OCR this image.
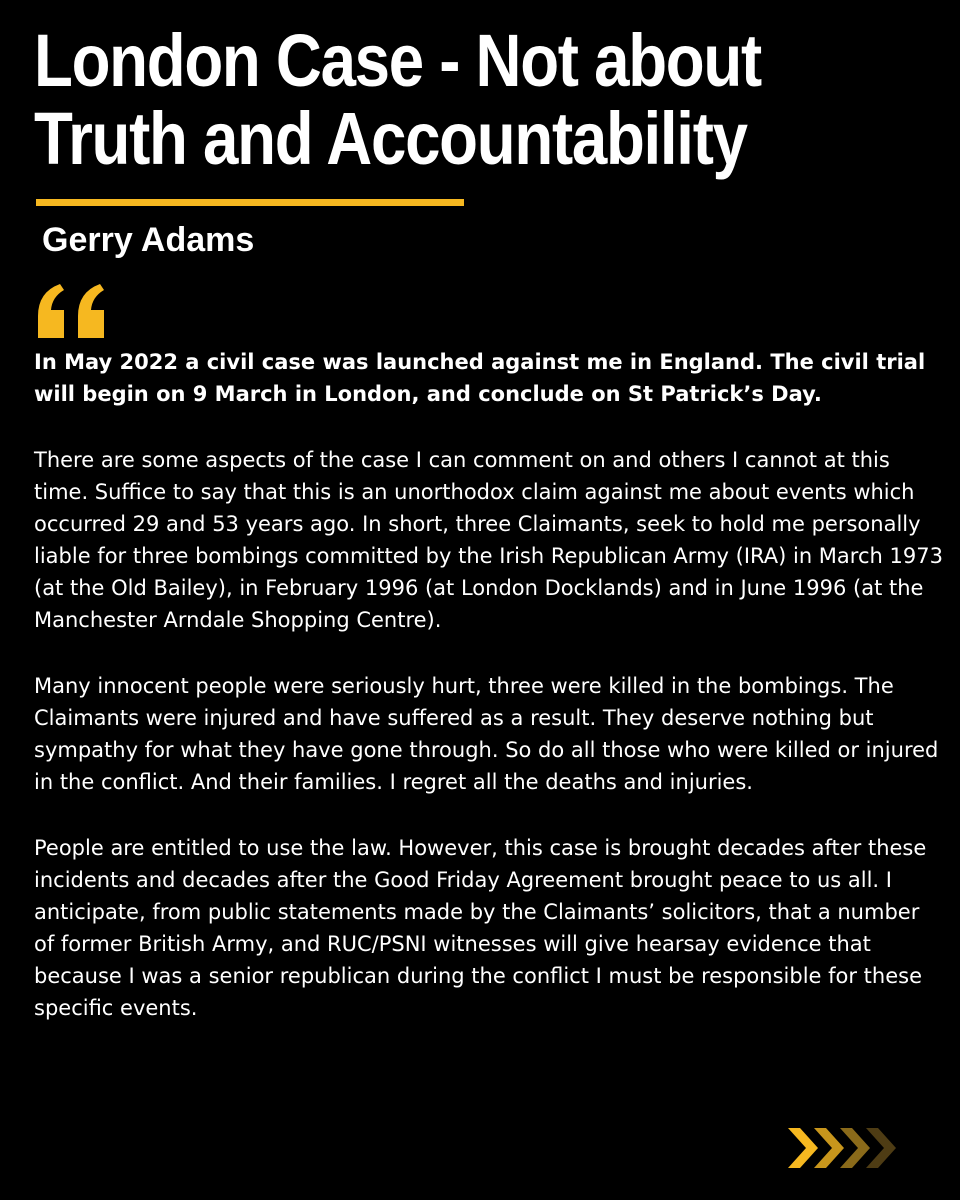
London Case - Not about
Truth and Accountability
Gerry Adams

In May 2022 a civil case was launched against me in England. The civil trial will begin on 9 March in London, and conclude on St Patrick’s Day.

There are some aspects of the case I can comment on and others I cannot at this time. Suffice to say that this is an unorthodox claim against me about events which occurred 29 and 53 years ago. In short, three Claimants, seek to hold me personally liable for three bombings committed by the Irish Republican Army (IRA) in March 1973 (at the Old Bailey), in February 1996 (at London Docklands) and in June 1996 (at the Manchester Arndale Shopping Centre).

Many innocent people were seriously hurt, three were killed in the bombings. The Claimants were injured and have suffered as a result. They deserve nothing but sympathy for what they have gone through. So do all those who were killed or injured in the conflict. And their families. I regret all the deaths and injuries.

People are entitled to use the law. However, this case is brought decades after these incidents and decades after the Good Friday Agreement brought peace to us all. I anticipate, from public statements made by the Claimants’ solicitors, that a number of former British Army, and RUC/PSNI witnesses will give hearsay evidence that because I was a senior republican during the conflict I must be responsible for these specific events.
